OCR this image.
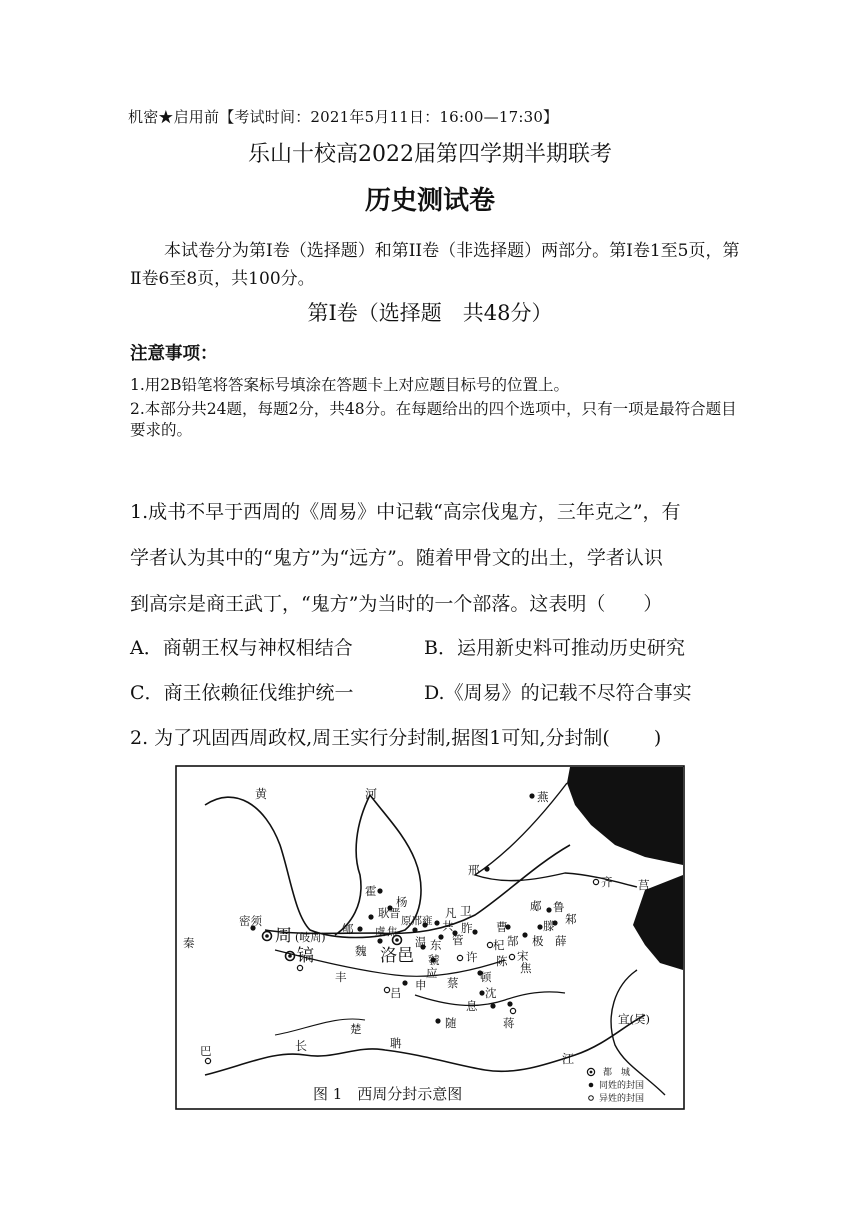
机密★启用前【考试时间：2021年5月11日：16:00—17:30】
乐山十校高2022届第四学期半期联考
历史测试卷
本试卷分为第Ⅰ卷（选择题）和第II卷（非选择题）两部分。第Ⅰ卷1至5页，第Ⅱ卷6至8页，共100分。
第Ⅰ卷（选择题　共48分）
注意事项：
1.用2B铅笔将答案标号填涂在答题卡上对应题目标号的位置上。
2.本部分共24题，每题2分，共48分。在每题给出的四个选项中，只有一项是最符合题目要求的。
1.成书不早于西周的《周易》中记载“高宗伐鬼方，三年克之”，有
学者认为其中的“鬼方”为“远方”。随着甲骨文的出土，学者认识
到高宗是商王武丁，“鬼方”为当时的一个部落。这表明（　　）
A．商朝王权与神权相结合	B．运用新史料可推动历史研究
C．商王依赖征伐维护统一	D.《周易》的记载不尽符合事实
2. 为了巩固西周政权,周王实行分封制,据图1可知,分封制(　　 )
黄	河
长
江
燕
邢
齐 莒
霍
杨
密须
周 (岐周)
镐
秦
耿 晋
原邢雍
凡 卫
郇 虞 焦	共
温
胙
管
曹
郕 鲁
邾
滕
薛
郜 极
宋
魏 洛邑
东
虢 许
杞
陈 焦
丰	应	顿
吕
申 蔡
沈
息
蒋
随
楚
聃
宜(吴)
巴
图 1　西周分封示意图
都　城
同姓的封国
异姓的封国
